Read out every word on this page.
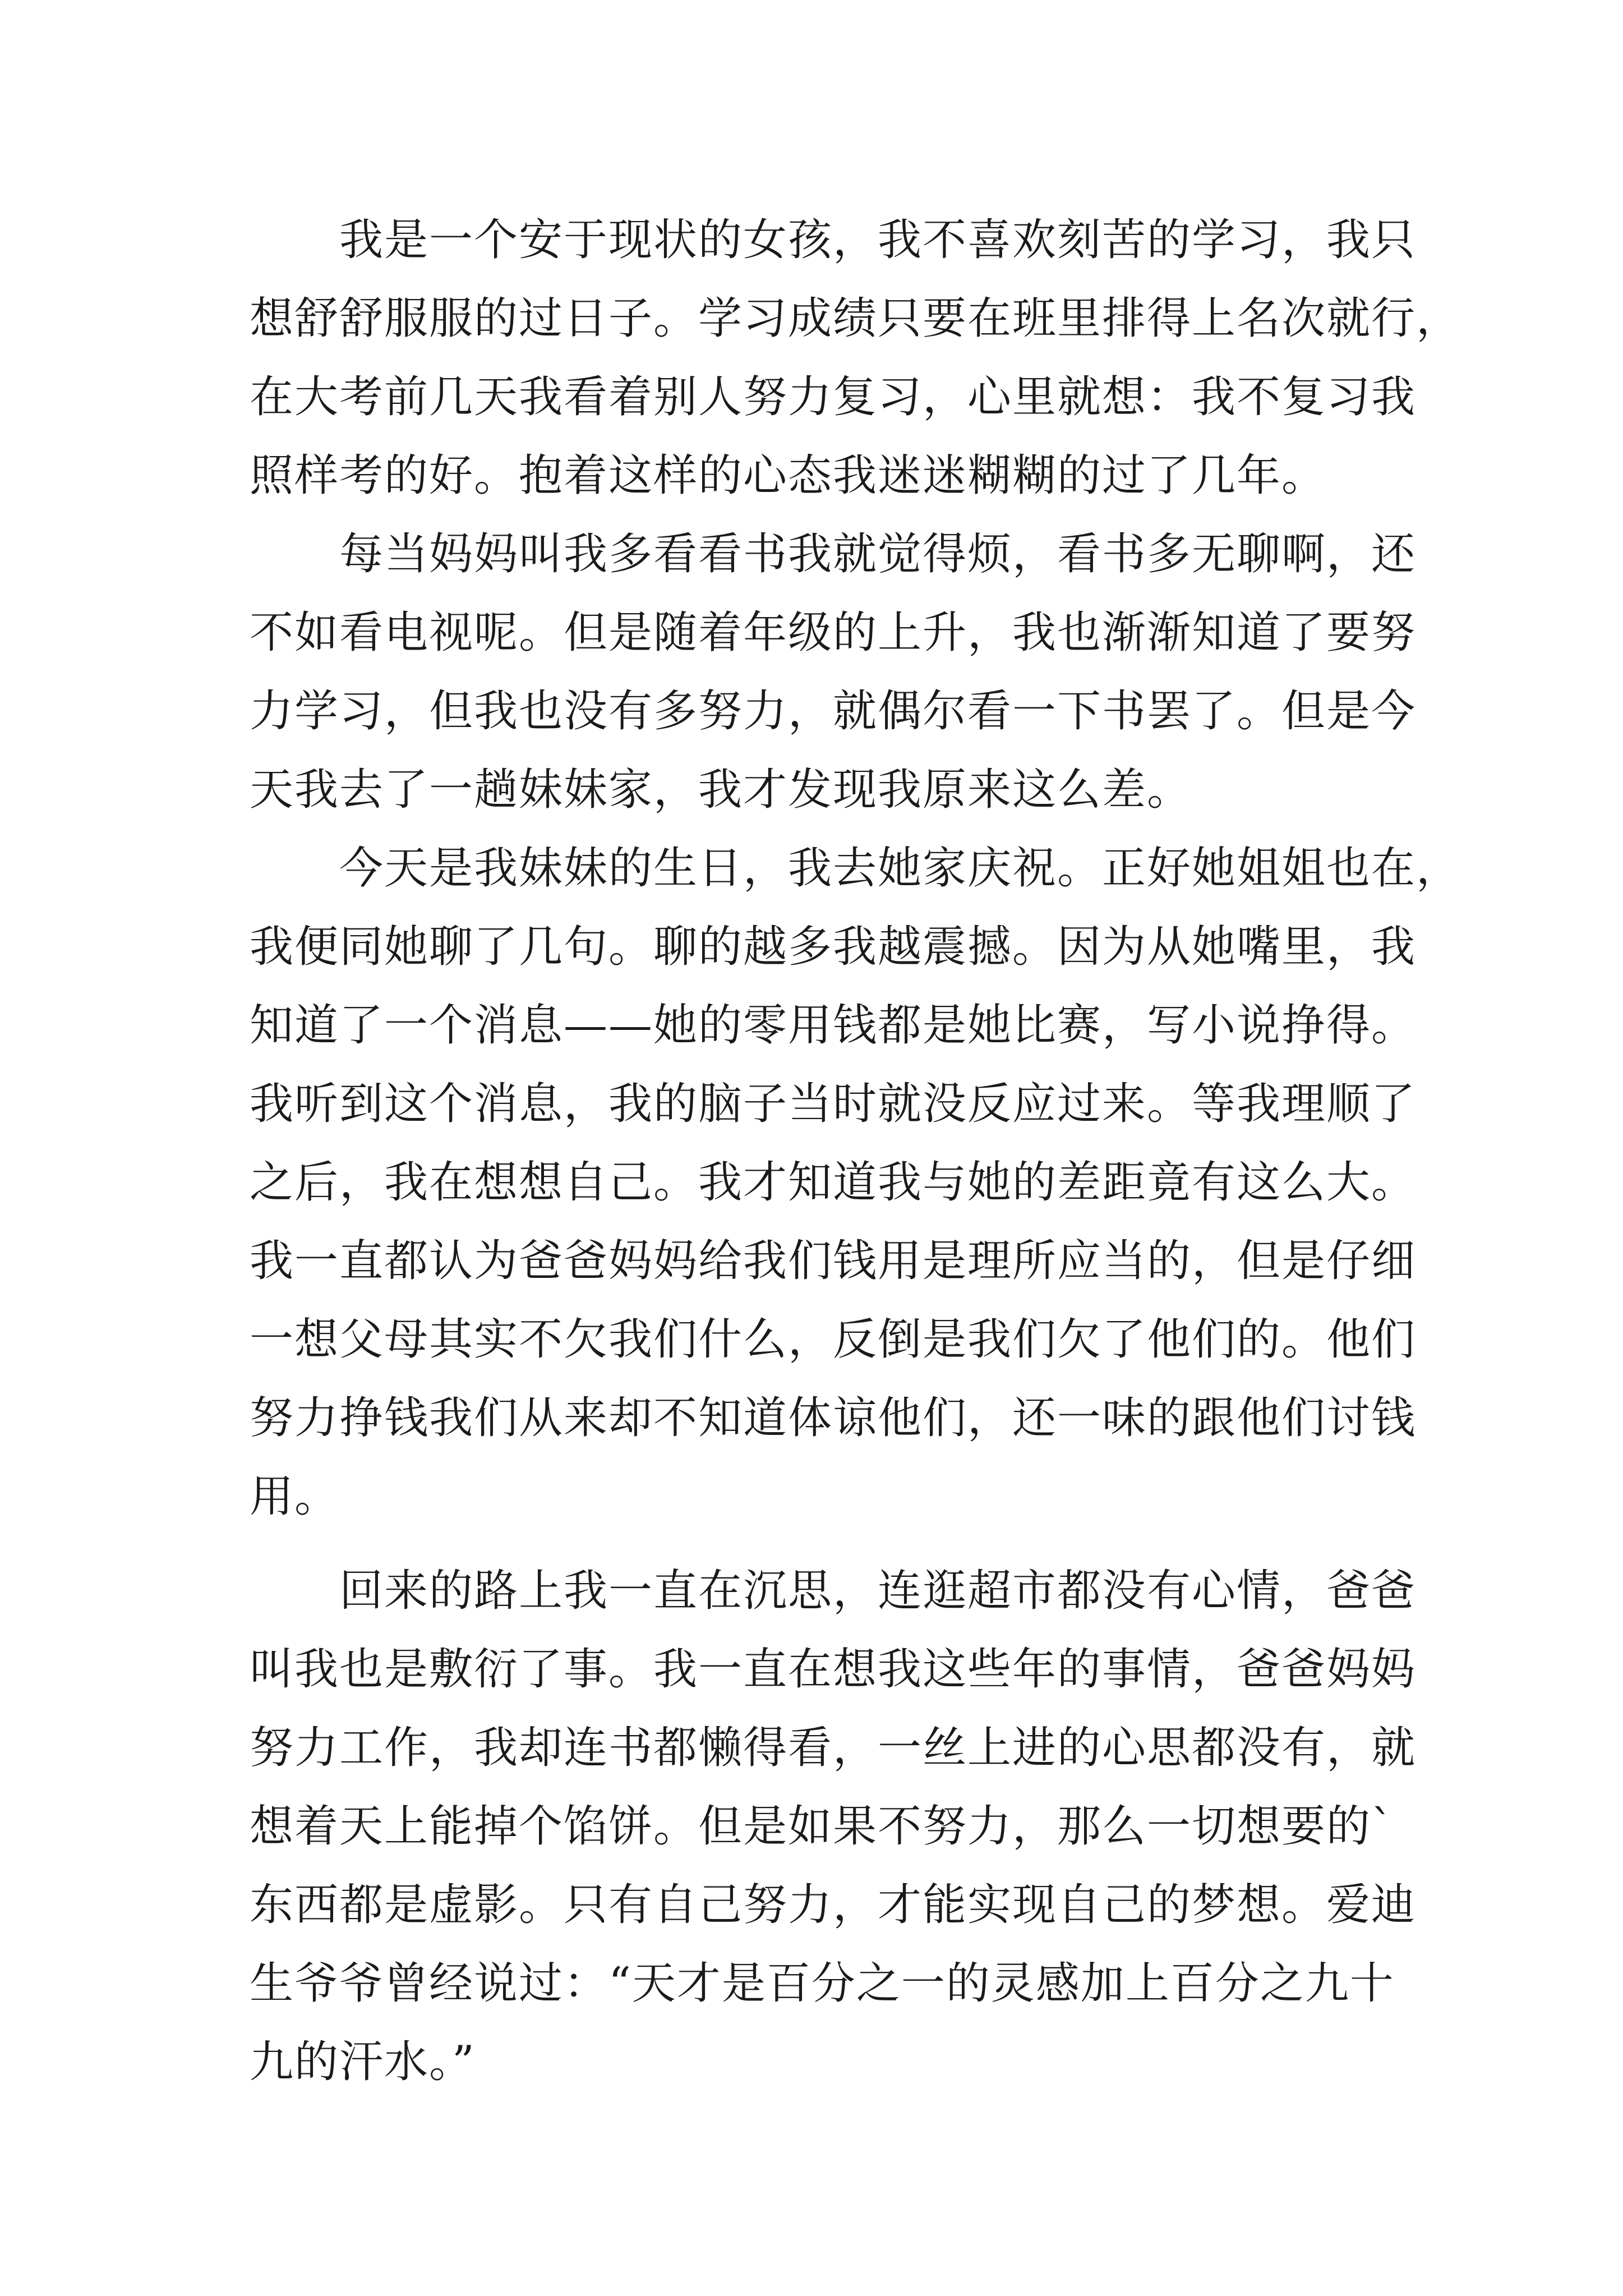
我是一个安于现状的女孩，我不喜欢刻苦的学习，我只
想舒舒服服的过日子。学习成绩只要在班里排得上名次就行，
在大考前几天我看着别人努力复习，心里就想：我不复习我
照样考的好。抱着这样的心态我迷迷糊糊的过了几年。
每当妈妈叫我多看看书我就觉得烦，看书多无聊啊，还
不如看电视呢。但是随着年级的上升，我也渐渐知道了要努
力学习，但我也没有多努力，就偶尔看一下书罢了。但是今
天我去了一趟妹妹家，我才发现我原来这么差。
今天是我妹妹的生日，我去她家庆祝。正好她姐姐也在，
我便同她聊了几句。聊的越多我越震撼。因为从她嘴里，我
知道了一个消息——她的零用钱都是她比赛，写小说挣得。
我听到这个消息，我的脑子当时就没反应过来。等我理顺了
之后，我在想想自己。我才知道我与她的差距竟有这么大。
我一直都认为爸爸妈妈给我们钱用是理所应当的，但是仔细
一想父母其实不欠我们什么，反倒是我们欠了他们的。他们
努力挣钱我们从来却不知道体谅他们，还一味的跟他们讨钱
用。
回来的路上我一直在沉思，连逛超市都没有心情，爸爸
叫我也是敷衍了事。我一直在想我这些年的事情，爸爸妈妈
努力工作，我却连书都懒得看，一丝上进的心思都没有，就
想着天上能掉个馅饼。但是如果不努力，那么一切想要的`
东西都是虚影。只有自己努力，才能实现自己的梦想。爱迪
生爷爷曾经说过：“天才是百分之一的灵感加上百分之九十
九的汗水。”
